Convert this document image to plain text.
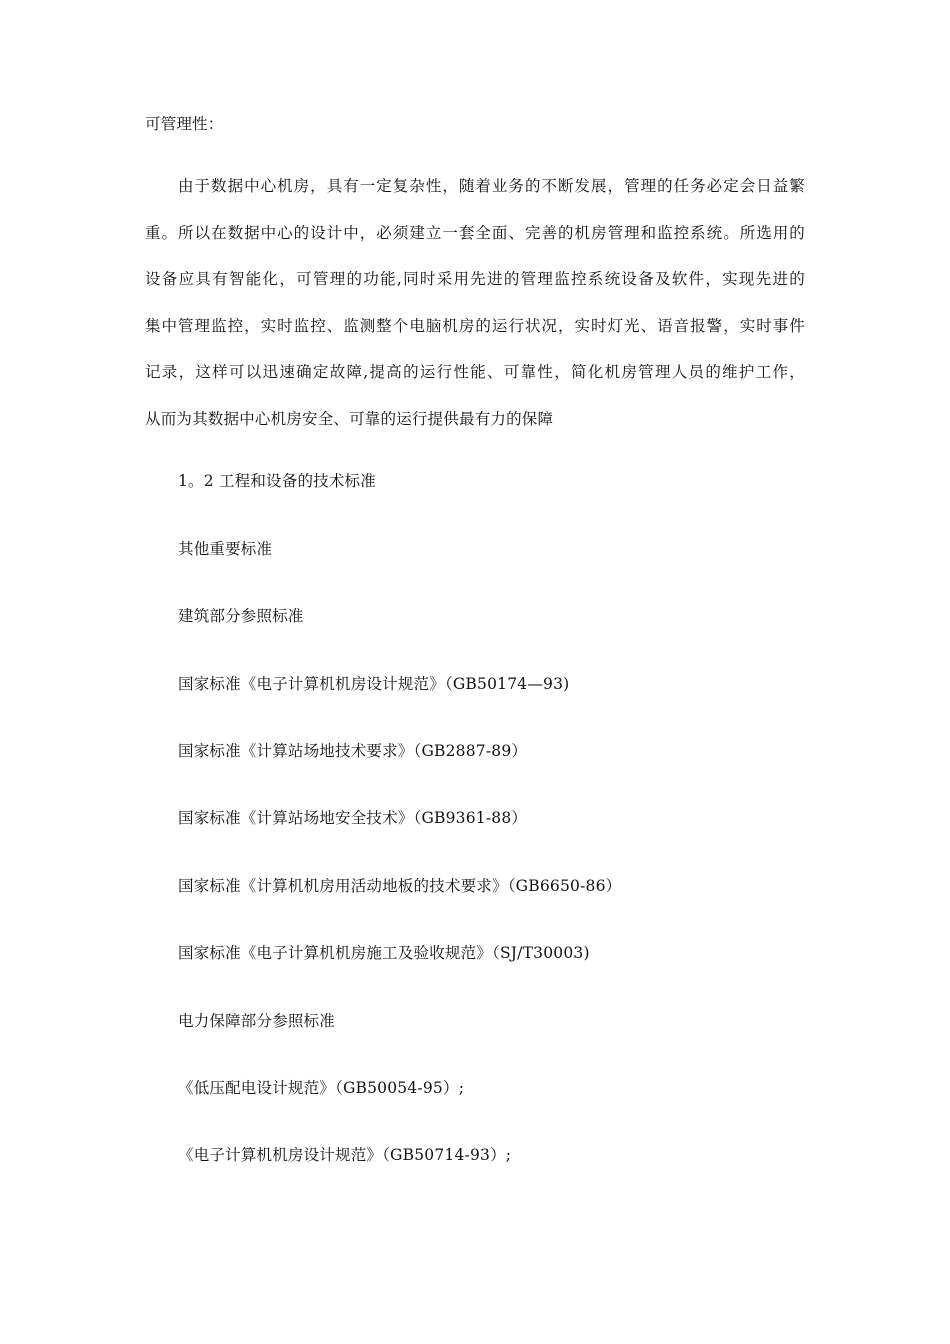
可管理性：
由于数据中心机房，具有一定复杂性，随着业务的不断发展，管理的任务必定会日益繁
重。所以在数据中心的设计中，必须建立一套全面、完善的机房管理和监控系统。所选用的
设备应具有智能化，可管理的功能,同时采用先进的管理监控系统设备及软件，实现先进的
集中管理监控，实时监控、监测整个电脑机房的运行状况，实时灯光、语音报警，实时事件
记录，这样可以迅速确定故障,提高的运行性能、可靠性，简化机房管理人员的维护工作，
从而为其数据中心机房安全、可靠的运行提供最有力的保障
1。2 工程和设备的技术标准
其他重要标准
建筑部分参照标准
国家标准《电子计算机机房设计规范》（GB50174—93)
国家标准《计算站场地技术要求》（GB2887-89）
国家标准《计算站场地安全技术》（GB9361-88）
国家标准《计算机机房用活动地板的技术要求》（GB6650-86）
国家标准《电子计算机机房施工及验收规范》（SJ/T30003)
电力保障部分参照标准
《低压配电设计规范》（GB50054-95）;
《电子计算机机房设计规范》（GB50714-93）;
